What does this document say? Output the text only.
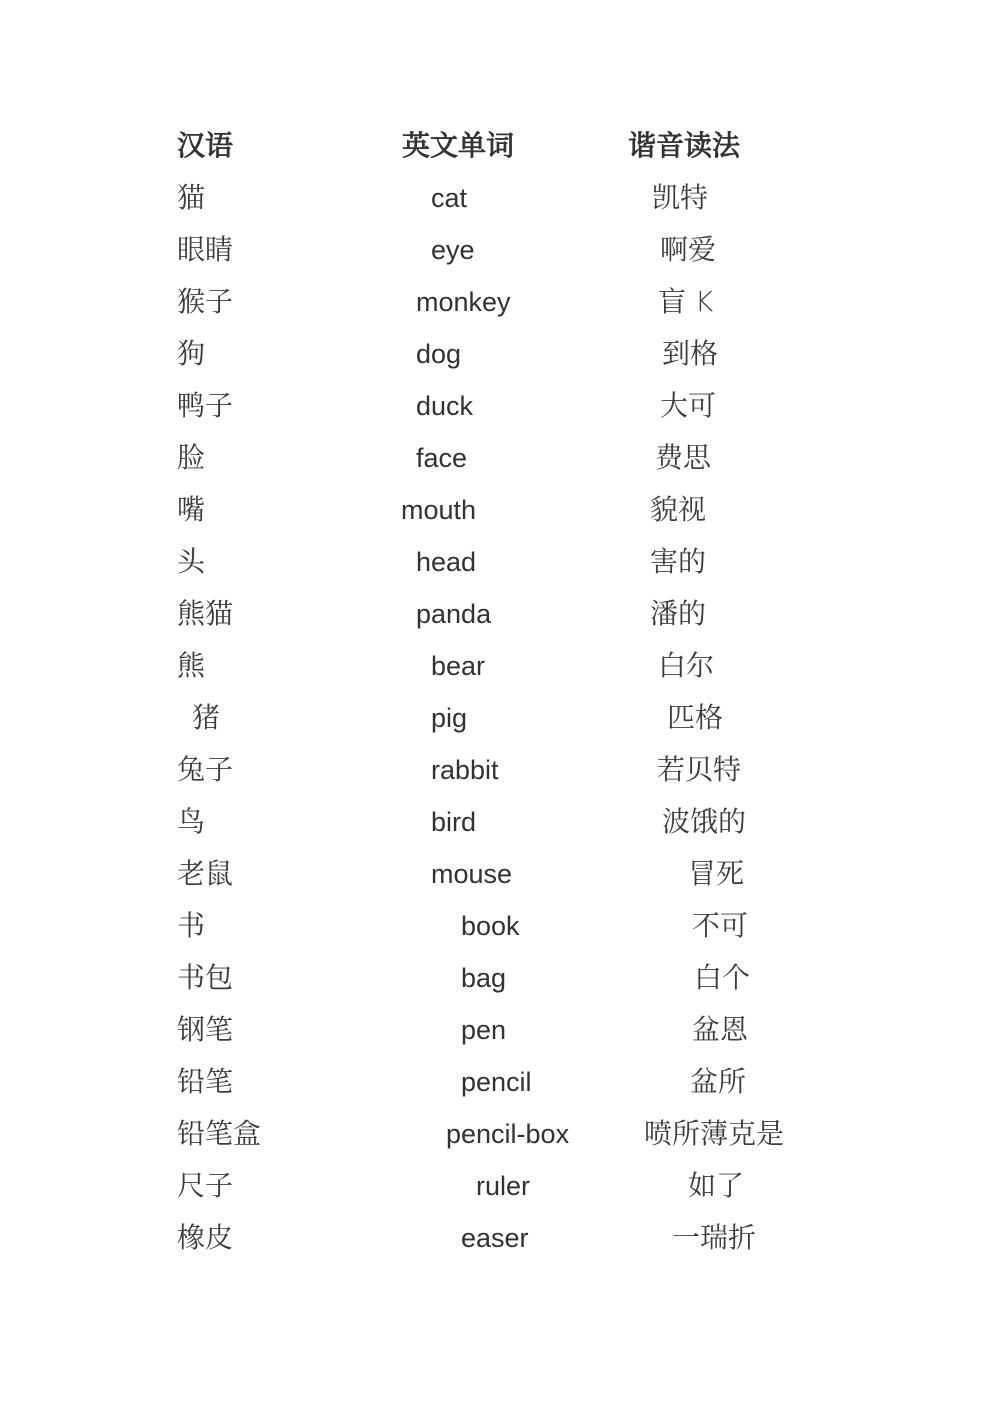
汉语	英文单词	谐音读法
猫	cat	凯特
眼睛	eye	啊爱
猴子	monkey	盲 K
狗	dog	到格
鸭子	duck	大可
脸	face	费思
嘴	mouth	貌视
头	head	害的
熊猫	panda	潘的
熊	bear	白尔
猪	pig	匹格
兔子	rabbit	若贝特
鸟	bird	波饿的
老鼠	mouse	冒死
书	book	不可
书包	bag	白个
钢笔	pen	盆恩
铅笔	pencil	盆所
铅笔盒	pencil-box	喷所薄克是
尺子	ruler	如了
橡皮	easer	一瑞折
